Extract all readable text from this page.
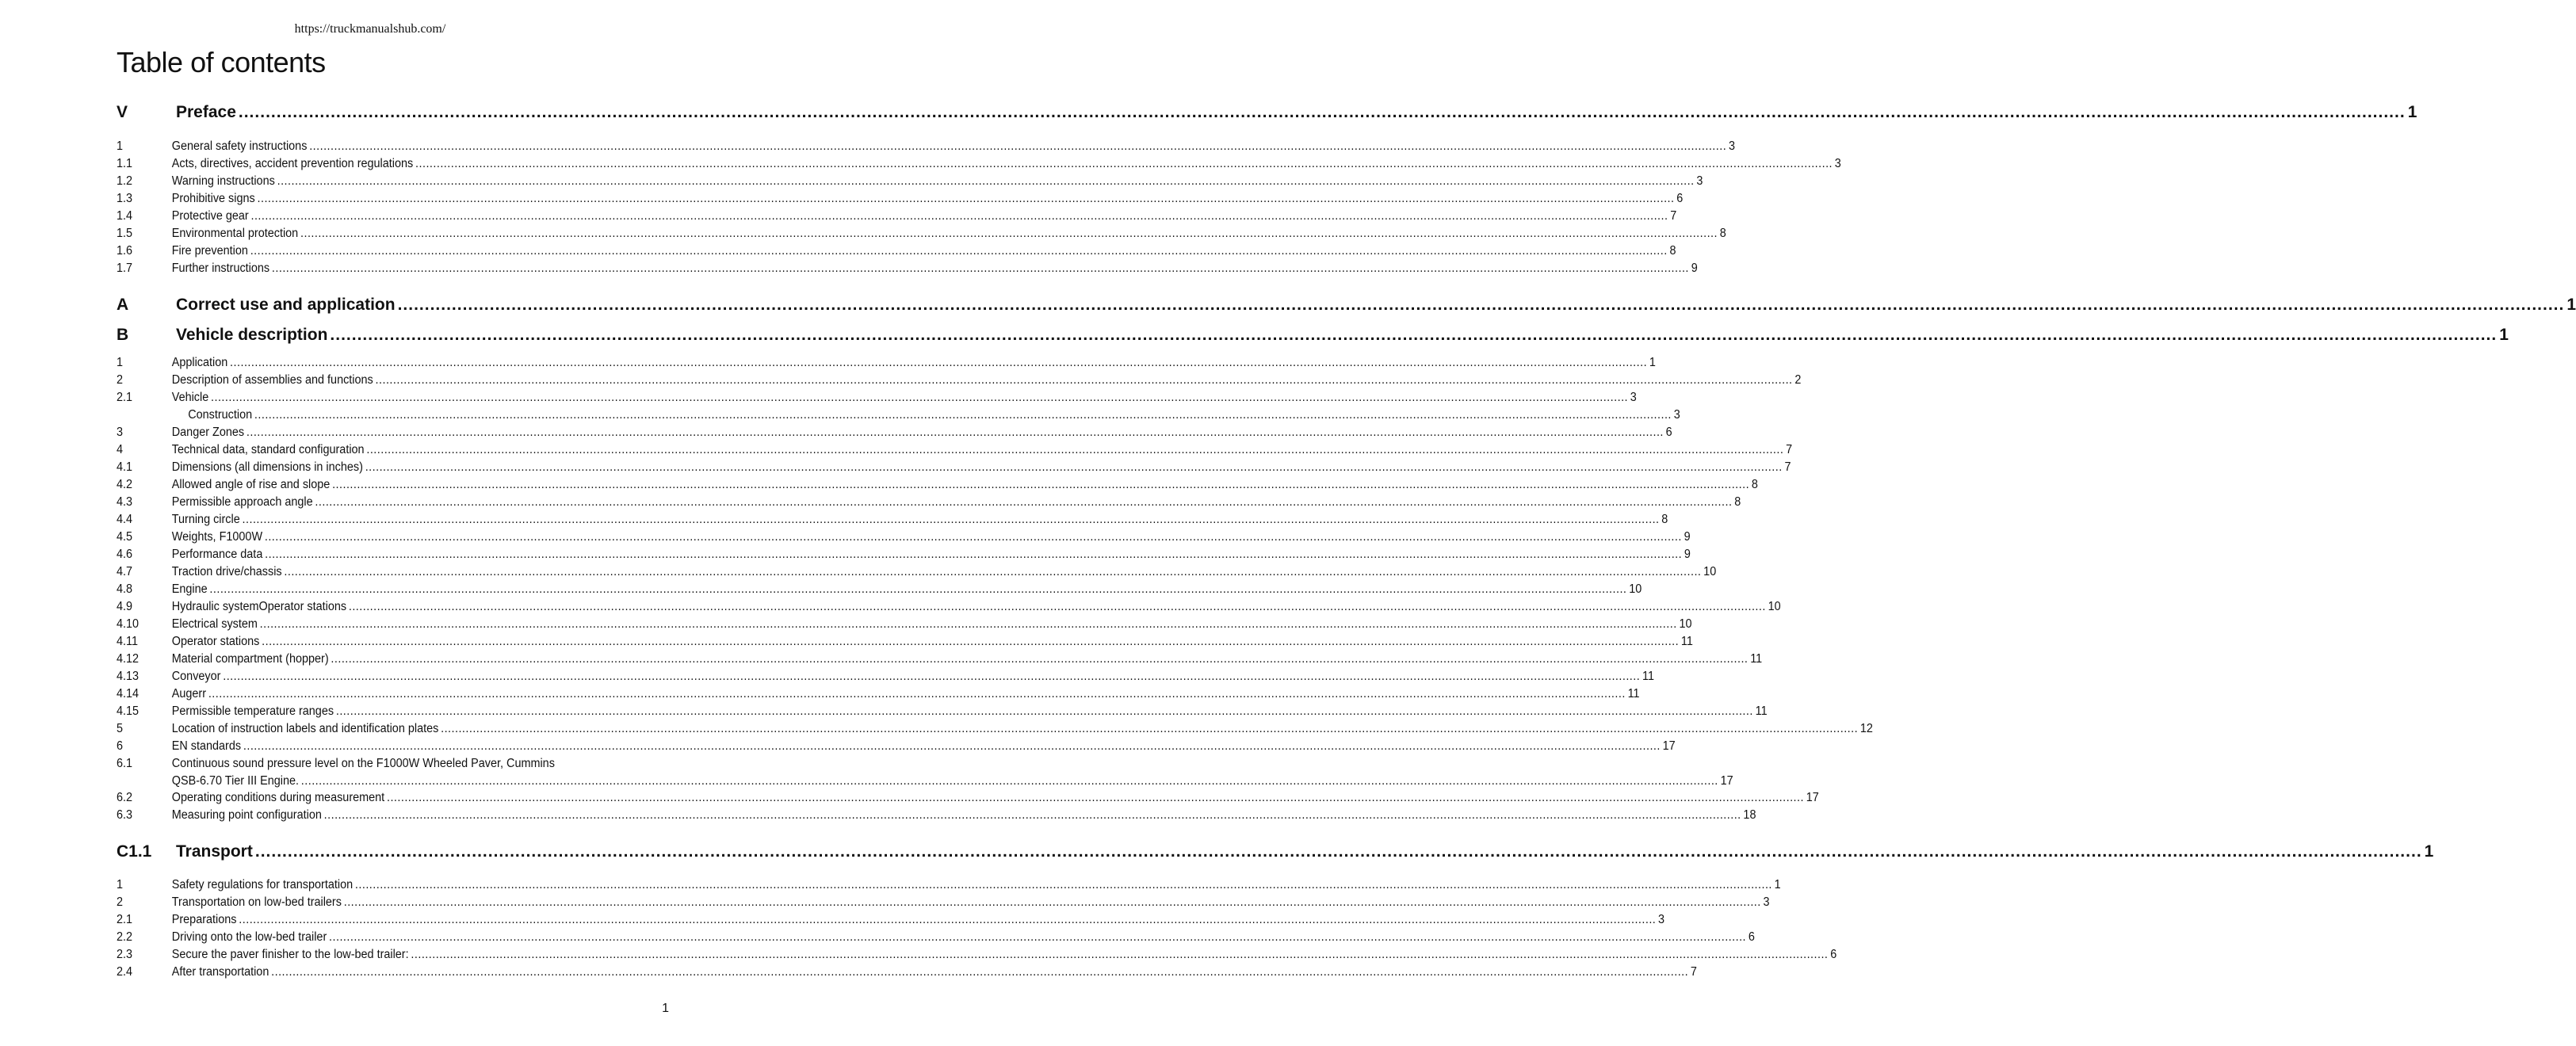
https://truckmanualshub.com/
Table of contents
V	Preface ................................................................................................................................................................................................................................................................................................................................................................................................................ 1
1	General safety instructions ................................................................................................................................................................................................................................................................................................................................................................................................................ 3
1.1	Acts, directives, accident prevention regulations ................................................................................................................................................................................................................................................................................................................................................................................................................ 3
1.2	Warning instructions ................................................................................................................................................................................................................................................................................................................................................................................................................ 3
1.3	Prohibitive signs ................................................................................................................................................................................................................................................................................................................................................................................................................ 6
1.4	Protective gear ................................................................................................................................................................................................................................................................................................................................................................................................................ 7
1.5	Environmental protection ................................................................................................................................................................................................................................................................................................................................................................................................................ 8
1.6	Fire prevention ................................................................................................................................................................................................................................................................................................................................................................................................................ 8
1.7	Further instructions ................................................................................................................................................................................................................................................................................................................................................................................................................ 9
A	Correct use and application ................................................................................................................................................................................................................................................................................................................................................................................................................ 1
B	Vehicle description ................................................................................................................................................................................................................................................................................................................................................................................................................ 1
1	Application ................................................................................................................................................................................................................................................................................................................................................................................................................ 1
2	Description of assemblies and functions ................................................................................................................................................................................................................................................................................................................................................................................................................ 2
2.1	Vehicle ................................................................................................................................................................................................................................................................................................................................................................................................................ 3
Construction ................................................................................................................................................................................................................................................................................................................................................................................................................ 3
3	Danger Zones ................................................................................................................................................................................................................................................................................................................................................................................................................ 6
4	Technical data, standard configuration ................................................................................................................................................................................................................................................................................................................................................................................................................ 7
4.1	Dimensions (all dimensions in inches) ................................................................................................................................................................................................................................................................................................................................................................................................................ 7
4.2	Allowed angle of rise and slope ................................................................................................................................................................................................................................................................................................................................................................................................................ 8
4.3	Permissible approach angle ................................................................................................................................................................................................................................................................................................................................................................................................................ 8
4.4	Turning circle ................................................................................................................................................................................................................................................................................................................................................................................................................ 8
4.5	Weights, F1000W ................................................................................................................................................................................................................................................................................................................................................................................................................ 9
4.6	Performance data ................................................................................................................................................................................................................................................................................................................................................................................................................ 9
4.7	Traction drive/chassis ................................................................................................................................................................................................................................................................................................................................................................................................................ 10
4.8	Engine ................................................................................................................................................................................................................................................................................................................................................................................................................ 10
4.9	Hydraulic systemOperator stations ................................................................................................................................................................................................................................................................................................................................................................................................................ 10
4.10	Electrical system ................................................................................................................................................................................................................................................................................................................................................................................................................ 10
4.11	Operator stations ................................................................................................................................................................................................................................................................................................................................................................................................................ 11
4.12	Material compartment (hopper) ................................................................................................................................................................................................................................................................................................................................................................................................................ 11
4.13	Conveyor ................................................................................................................................................................................................................................................................................................................................................................................................................ 11
4.14	Augerr ................................................................................................................................................................................................................................................................................................................................................................................................................ 11
4.15	Permissible temperature ranges ................................................................................................................................................................................................................................................................................................................................................................................................................ 11
5	Location of instruction labels and identification plates ................................................................................................................................................................................................................................................................................................................................................................................................................ 12
6	EN standards ................................................................................................................................................................................................................................................................................................................................................................................................................ 17
6.1	Continuous sound pressure level on the F1000W Wheeled Paver, Cummins
QSB-6.70 Tier III Engine. ................................................................................................................................................................................................................................................................................................................................................................................................................ 17
6.2	Operating conditions during measurement ................................................................................................................................................................................................................................................................................................................................................................................................................ 17
6.3	Measuring point configuration ................................................................................................................................................................................................................................................................................................................................................................................................................ 18
C1.1	Transport ................................................................................................................................................................................................................................................................................................................................................................................................................ 1
1	Safety regulations for transportation ................................................................................................................................................................................................................................................................................................................................................................................................................ 1
2	Transportation on low-bed trailers ................................................................................................................................................................................................................................................................................................................................................................................................................ 3
2.1	Preparations ................................................................................................................................................................................................................................................................................................................................................................................................................ 3
2.2	Driving onto the low-bed trailer ................................................................................................................................................................................................................................................................................................................................................................................................................ 6
2.3	Secure the paver finisher to the low-bed trailer: ................................................................................................................................................................................................................................................................................................................................................................................................................ 6
2.4	After transportation ................................................................................................................................................................................................................................................................................................................................................................................................................ 7
1
